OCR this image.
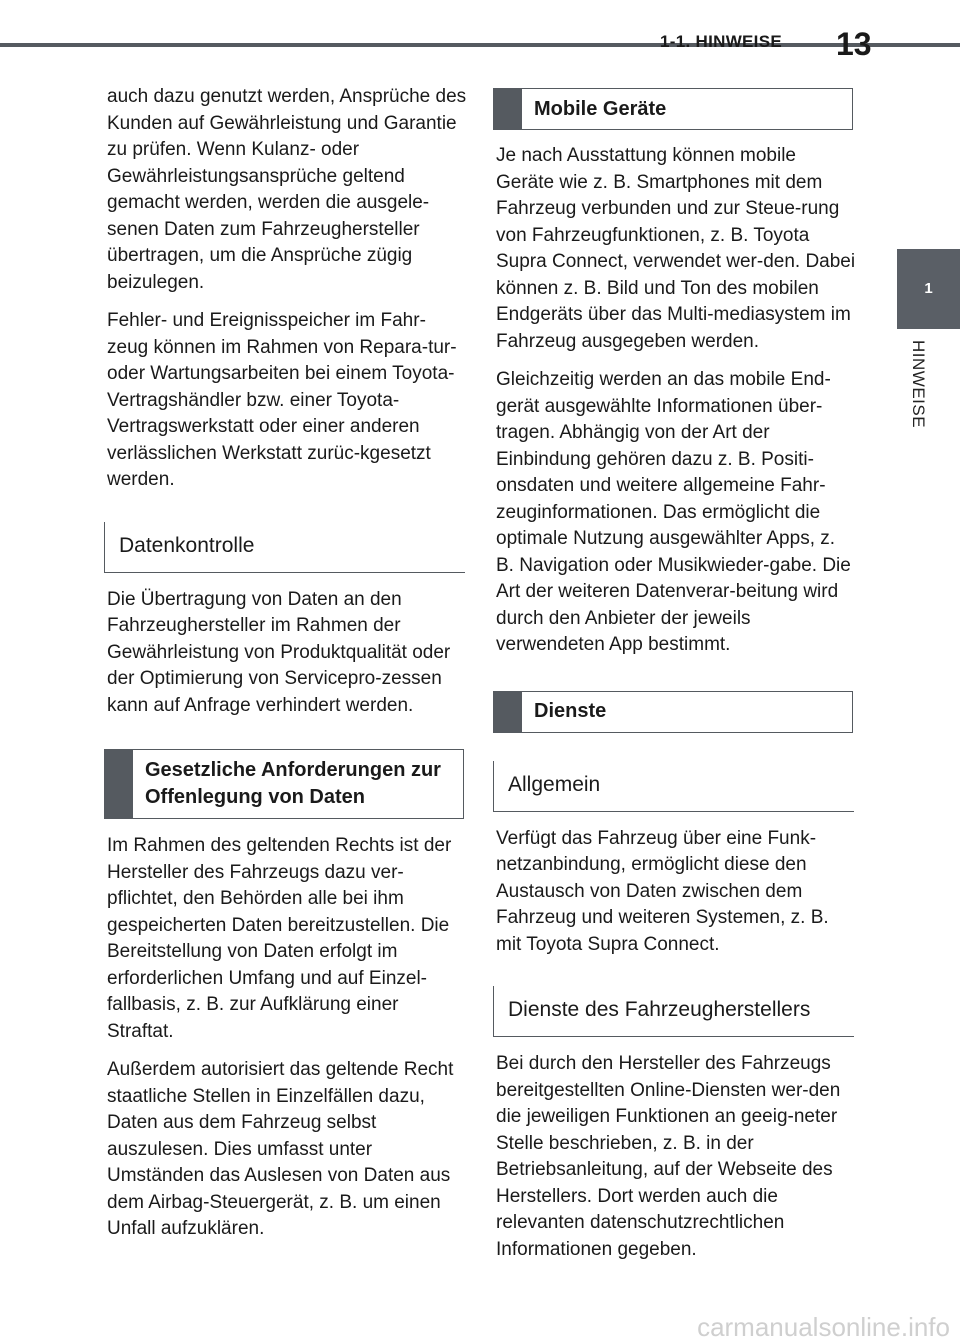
1-1. HINWEISE 13
1
HINWEISE

auch dazu genutzt werden, Ansprüche des Kunden auf Gewährleistung und Garantie zu prüfen. Wenn Kulanz- oder Gewährleistungsansprüche geltend gemacht werden, werden die ausgele-senen Daten zum Fahrzeughersteller übertragen, um die Ansprüche zügig beizulegen.

Fehler- und Ereignisspeicher im Fahr-zeug können im Rahmen von Repara-tur- oder Wartungsarbeiten bei einem Toyota-Vertragshändler bzw. einer Toyota-Vertragswerkstatt oder einer anderen verlässlichen Werkstatt zurüc-kgesetzt werden.

Datenkontrolle

Die Übertragung von Daten an den Fahrzeughersteller im Rahmen der Gewährleistung von Produktqualität oder der Optimierung von Servicepro-zessen kann auf Anfrage verhindert werden.

Gesetzliche Anforderungen zur Offenlegung von Daten

Im Rahmen des geltenden Rechts ist der Hersteller des Fahrzeugs dazu ver-pflichtet, den Behörden alle bei ihm gespeicherten Daten bereitzustellen. Die Bereitstellung von Daten erfolgt im erforderlichen Umfang und auf Einzel-fallbasis, z. B. zur Aufklärung einer Straftat.

Außerdem autorisiert das geltende Recht staatliche Stellen in Einzelfällen dazu, Daten aus dem Fahrzeug selbst auszulesen. Dies umfasst unter Umständen das Auslesen von Daten aus dem Airbag-Steuergerät, z. B. um einen Unfall aufzuklären.

Mobile Geräte

Je nach Ausstattung können mobile Geräte wie z. B. Smartphones mit dem Fahrzeug verbunden und zur Steue-rung von Fahrzeugfunktionen, z. B. Toyota Supra Connect, verwendet wer-den. Dabei können z. B. Bild und Ton des mobilen Endgeräts über das Multi-mediasystem im Fahrzeug ausgegeben werden.

Gleichzeitig werden an das mobile End-gerät ausgewählte Informationen über-tragen. Abhängig von der Art der Einbindung gehören dazu z. B. Positi-onsdaten und weitere allgemeine Fahr-zeuginformationen. Das ermöglicht die optimale Nutzung ausgewählter Apps, z. B. Navigation oder Musikwieder-gabe. Die Art der weiteren Datenverar-beitung wird durch den Anbieter der jeweils verwendeten App bestimmt.

Dienste
Allgemein

Verfügt das Fahrzeug über eine Funk-netzanbindung, ermöglicht diese den Austausch von Daten zwischen dem Fahrzeug und weiteren Systemen, z. B. mit Toyota Supra Connect.

Dienste des Fahrzeugherstellers

Bei durch den Hersteller des Fahrzeugs bereitgestellten Online-Diensten wer-den die jeweiligen Funktionen an geeig-neter Stelle beschrieben, z. B. in der Betriebsanleitung, auf der Webseite des Herstellers. Dort werden auch die relevanten datenschutzrechtlichen Informationen gegeben.

carmanualsonline.info
